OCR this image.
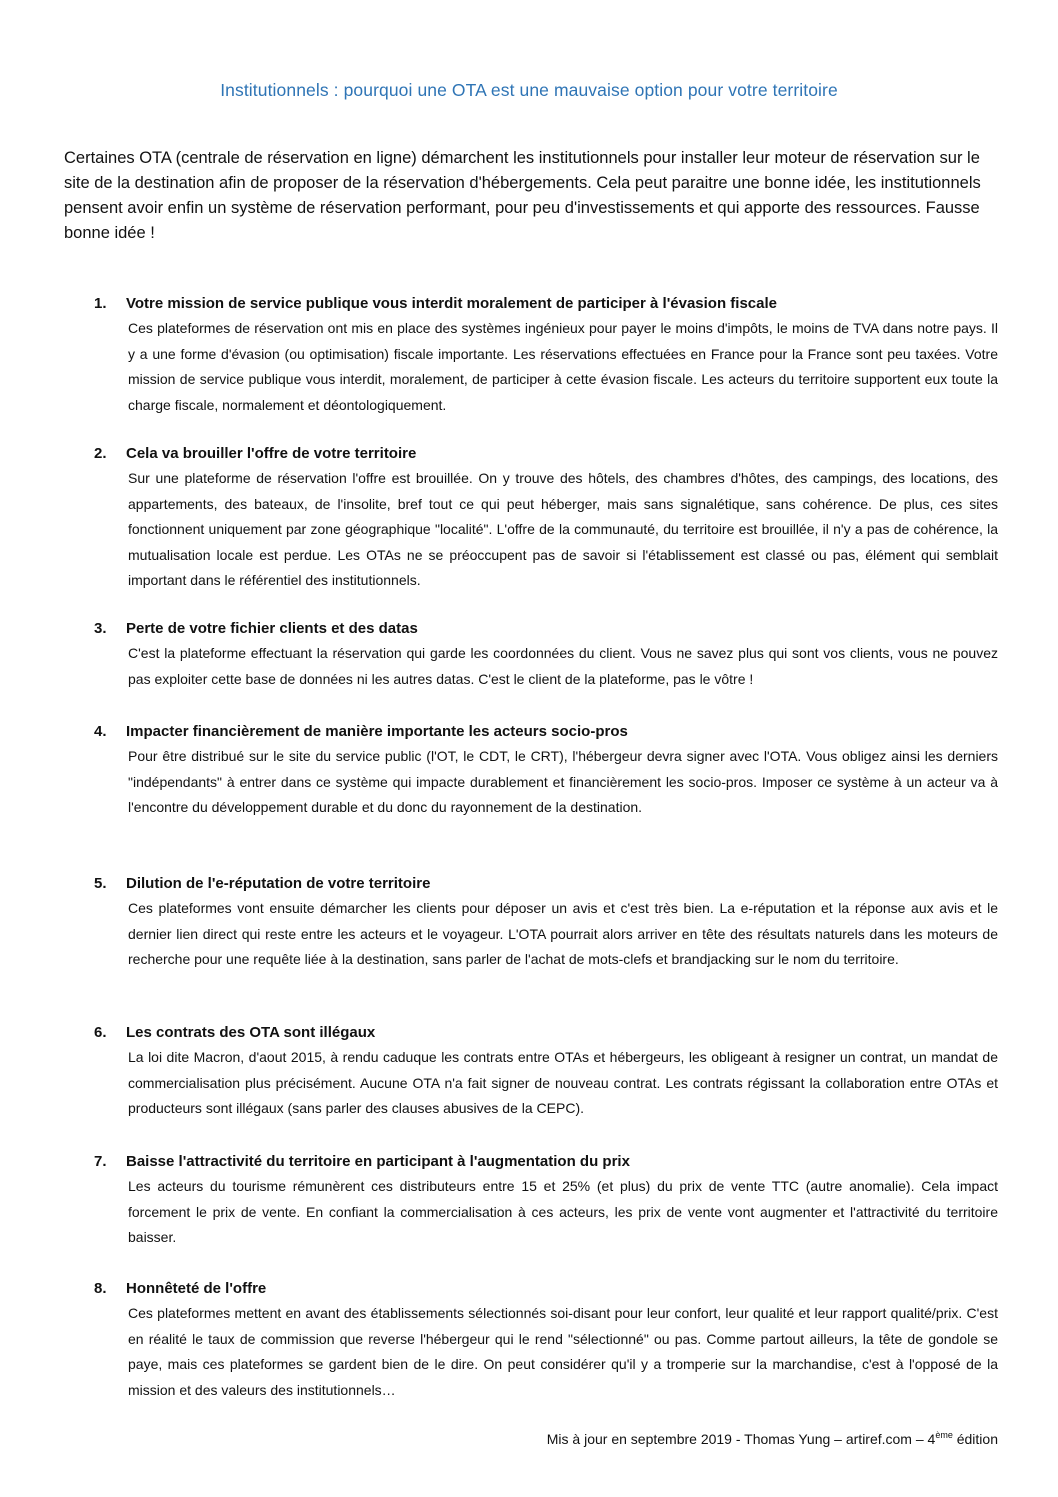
Institutionnels : pourquoi une OTA est une mauvaise option pour votre territoire

Certaines OTA (centrale de réservation en ligne) démarchent les institutionnels pour installer leur moteur de réservation sur le site de la destination afin de proposer de la réservation d'hébergements. Cela peut paraitre une bonne idée, les institutionnels pensent avoir enfin un système de réservation performant, pour peu d'investissements et qui apporte des ressources. Fausse bonne idée !

1. Votre mission de service publique vous interdit moralement de participer à l'évasion fiscale

Ces plateformes de réservation ont mis en place des systèmes ingénieux pour payer le moins d'impôts, le moins de TVA dans notre pays. Il y a une forme d'évasion (ou optimisation) fiscale importante. Les réservations effectuées en France pour la France sont peu taxées. Votre mission de service publique vous interdit, moralement, de participer à cette évasion fiscale. Les acteurs du territoire supportent eux toute la charge fiscale, normalement et déontologiquement.

2. Cela va brouiller l'offre de votre territoire

Sur une plateforme de réservation l'offre est brouillée. On y trouve des hôtels, des chambres d'hôtes, des campings, des locations, des appartements, des bateaux, de l'insolite, bref tout ce qui peut héberger, mais sans signalétique, sans cohérence. De plus, ces sites fonctionnent uniquement par zone géographique "localité". L'offre de la communauté, du territoire est brouillée, il n'y a pas de cohérence, la mutualisation locale est perdue. Les OTAs ne se préoccupent pas de savoir si l'établissement est classé ou pas, élément qui semblait important dans le référentiel des institutionnels.

3. Perte de votre fichier clients et des datas

C'est la plateforme effectuant la réservation qui garde les coordonnées du client. Vous ne savez plus qui sont vos clients, vous ne pouvez pas exploiter cette base de données ni les autres datas. C'est le client de la plateforme, pas le vôtre !

4. Impacter financièrement de manière importante les acteurs socio-pros

Pour être distribué sur le site du service public (l'OT, le CDT, le CRT), l'hébergeur devra signer avec l'OTA. Vous obligez ainsi les derniers "indépendants" à entrer dans ce système qui impacte durablement et financièrement les socio-pros. Imposer ce système à un acteur va à l'encontre du développement durable et du donc du rayonnement de la destination.

5. Dilution de l'e-réputation de votre territoire

Ces plateformes vont ensuite démarcher les clients pour déposer un avis et c'est très bien. La e-réputation et la réponse aux avis et le dernier lien direct qui reste entre les acteurs et le voyageur. L'OTA pourrait alors arriver en tête des résultats naturels dans les moteurs de recherche pour une requête liée à la destination, sans parler de l'achat de mots-clefs et brandjacking sur le nom du territoire.

6. Les contrats des OTA sont illégaux

La loi dite Macron, d'aout 2015, à rendu caduque les contrats entre OTAs et hébergeurs, les obligeant à resigner un contrat, un mandat de commercialisation plus précisément. Aucune OTA n'a fait signer de nouveau contrat. Les contrats régissant la collaboration entre OTAs et producteurs sont illégaux (sans parler des clauses abusives de la CEPC).

7. Baisse l'attractivité du territoire en participant à l'augmentation du prix

Les acteurs du tourisme rémunèrent ces distributeurs entre 15 et 25% (et plus) du prix de vente TTC (autre anomalie). Cela impact forcement le prix de vente. En confiant la commercialisation à ces acteurs, les prix de vente vont augmenter et l'attractivité du territoire baisser.

8. Honnêteté de l'offre

Ces plateformes mettent en avant des établissements sélectionnés soi-disant pour leur confort, leur qualité et leur rapport qualité/prix. C'est en réalité le taux de commission que reverse l'hébergeur qui le rend "sélectionné" ou pas. Comme partout ailleurs, la tête de gondole se paye, mais ces plateformes se gardent bien de le dire. On peut considérer qu'il y a tromperie sur la marchandise, c'est à l'opposé de la mission et des valeurs des institutionnels…

Mis à jour en septembre 2019 - Thomas Yung – artiref.com – 4ème édition
